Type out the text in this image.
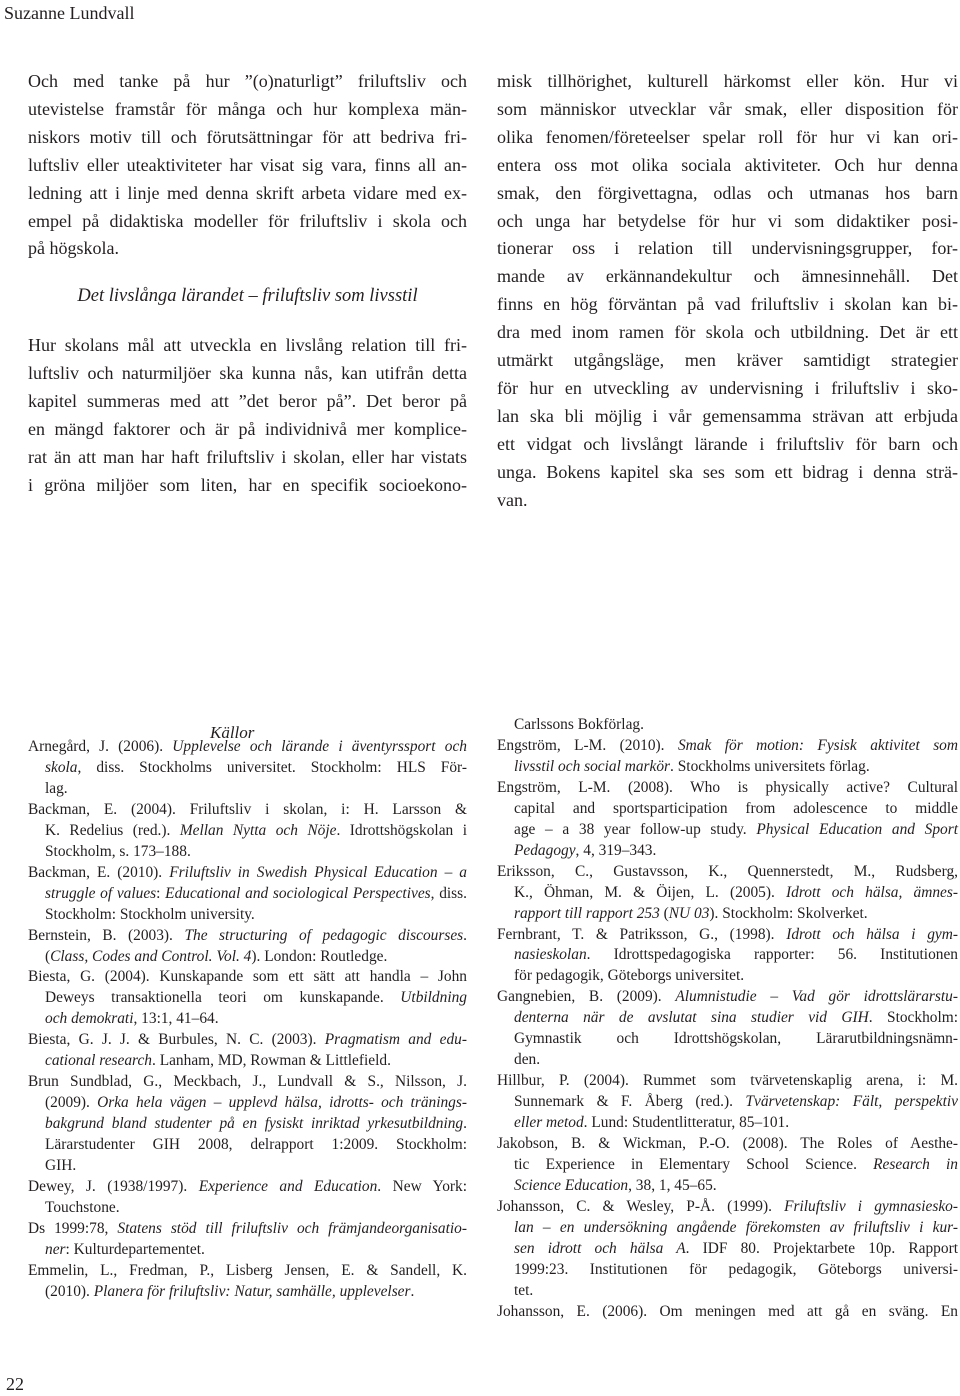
Suzanne Lundvall
Och med tanke på hur ”(o)naturligt” friluftsliv och
utevistelse framstår för många och hur komplexa män-
niskors motiv till och förutsättningar för att bedriva fri-
luftsliv eller uteaktiviteter har visat sig vara, finns all an-
ledning att i linje med denna skrift arbeta vidare med ex-
empel på didaktiska modeller för friluftsliv i skola och
på högskola.
Det livslånga lärandet – friluftsliv som livsstil
Hur skolans mål att utveckla en livslång relation till fri-
luftsliv och naturmiljöer ska kunna nås, kan utifrån detta
kapitel summeras med att ”det beror på”. Det beror på
en mängd faktorer och är på individnivå mer komplice-
rat än att man har haft friluftsliv i skolan, eller har vistats
i gröna miljöer som liten, har en specifik socioekono-
misk tillhörighet, kulturell härkomst eller kön. Hur vi
som människor utvecklar vår smak, eller disposition för
olika fenomen/företeelser spelar roll för hur vi kan ori-
entera oss mot olika sociala aktiviteter. Och hur denna
smak, den förgivettagna, odlas och utmanas hos barn
och unga har betydelse för hur vi som didaktiker posi-
tionerar oss i relation till undervisningsgrupper, for-
mande av erkännandekultur och ämnesinnehåll. Det
finns en hög förväntan på vad friluftsliv i skolan kan bi-
dra med inom ramen för skola och utbildning. Det är ett
utmärkt utgångsläge, men kräver samtidigt strategier
för hur en utveckling av undervisning i friluftsliv i sko-
lan ska bli möjlig i vår gemensamma strävan att erbjuda
ett vidgat och livslångt lärande i friluftsliv för barn och
unga. Bokens kapitel ska ses som ett bidrag i denna strä-
van.
Källor
Arnegård, J. (2006). Upplevelse och lärande i äventyrssport och
skola, diss. Stockholms universitet. Stockholm: HLS För-
lag.
Backman, E. (2004). Friluftsliv i skolan, i: H. Larsson &
K. Redelius (red.). Mellan Nytta och Nöje. Idrottshögskolan i
Stockholm, s. 173–188.
Backman, E. (2010). Friluftsliv in Swedish Physical Education – a
struggle of values: Educational and sociological Perspectives, diss.
Stockholm: Stockholm university.
Bernstein, B. (2003). The structuring of pedagogic discourses.
(Class, Codes and Control. Vol. 4). London: Routledge.
Biesta, G. (2004). Kunskapande som ett sätt att handla – John
Deweys transaktionella teori om kunskapande. Utbildning
och demokrati, 13:1, 41–64.
Biesta, G. J. J. & Burbules, N. C. (2003). Pragmatism and edu-
cational research. Lanham, MD, Rowman & Littlefield.
Brun Sundblad, G., Meckbach, J., Lundvall & S., Nilsson, J.
(2009). Orka hela vägen – upplevd hälsa, idrotts- och tränings-
bakgrund bland studenter på en fysiskt inriktad yrkesutbildning.
Lärarstudenter GIH 2008, delrapport 1:2009. Stockholm:
GIH.
Dewey, J. (1938/1997). Experience and Education. New York:
Touchstone.
Ds 1999:78, Statens stöd till friluftsliv och främjandeorganisatio-
ner: Kulturdepartementet.
Emmelin, L., Fredman, P., Lisberg Jensen, E. & Sandell, K.
(2010). Planera för friluftsliv: Natur, samhälle, upplevelser.
Carlssons Bokförlag.
Engström, L-M. (2010). Smak för motion: Fysisk aktivitet som
livsstil och social markör. Stockholms universitets förlag.
Engström, L-M. (2008). Who is physically active? Cultural
capital and sportsparticipation from adolescence to middle
age – a 38 year follow-up study. Physical Education and Sport
Pedagogy, 4, 319–343.
Eriksson, C., Gustavsson, K., Quennerstedt, M., Rudsberg,
K., Öhman, M. & Öijen, L. (2005). Idrott och hälsa, ämnes-
rapport till rapport 253 (NU 03). Stockholm: Skolverket.
Fernbrant, T. & Patriksson, G., (1998). Idrott och hälsa i gym-
nasieskolan. Idrottspedagogiska rapporter: 56. Institutionen
för pedagogik, Göteborgs universitet.
Gangnebien, B. (2009). Alumnistudie – Vad gör idrottslärarstu-
denterna när de avslutat sina studier vid GIH. Stockholm:
Gymnastik och Idrottshögskolan, Lärarutbildningsnämn-
den.
Hillbur, P. (2004). Rummet som tvärvetenskaplig arena, i: M.
Sunnemark & F. Åberg (red.). Tvärvetenskap: Fält, perspektiv
eller metod. Lund: Studentlitteratur, 85–101.
Jakobson, B. & Wickman, P.-O. (2008). The Roles of Aesthe-
tic Experience in Elementary School Science. Research in
Science Education, 38, 1, 45–65.
Johansson, C. & Wesley, P-Å. (1999). Friluftsliv i gymnasiesko-
lan – en undersökning angående förekomsten av friluftsliv i kur-
sen idrott och hälsa A. IDF 80. Projektarbete 10p. Rapport
1999:23. Institutionen för pedagogik, Göteborgs universi-
tet.
Johansson, E. (2006). Om meningen med att gå en sväng. En
22
